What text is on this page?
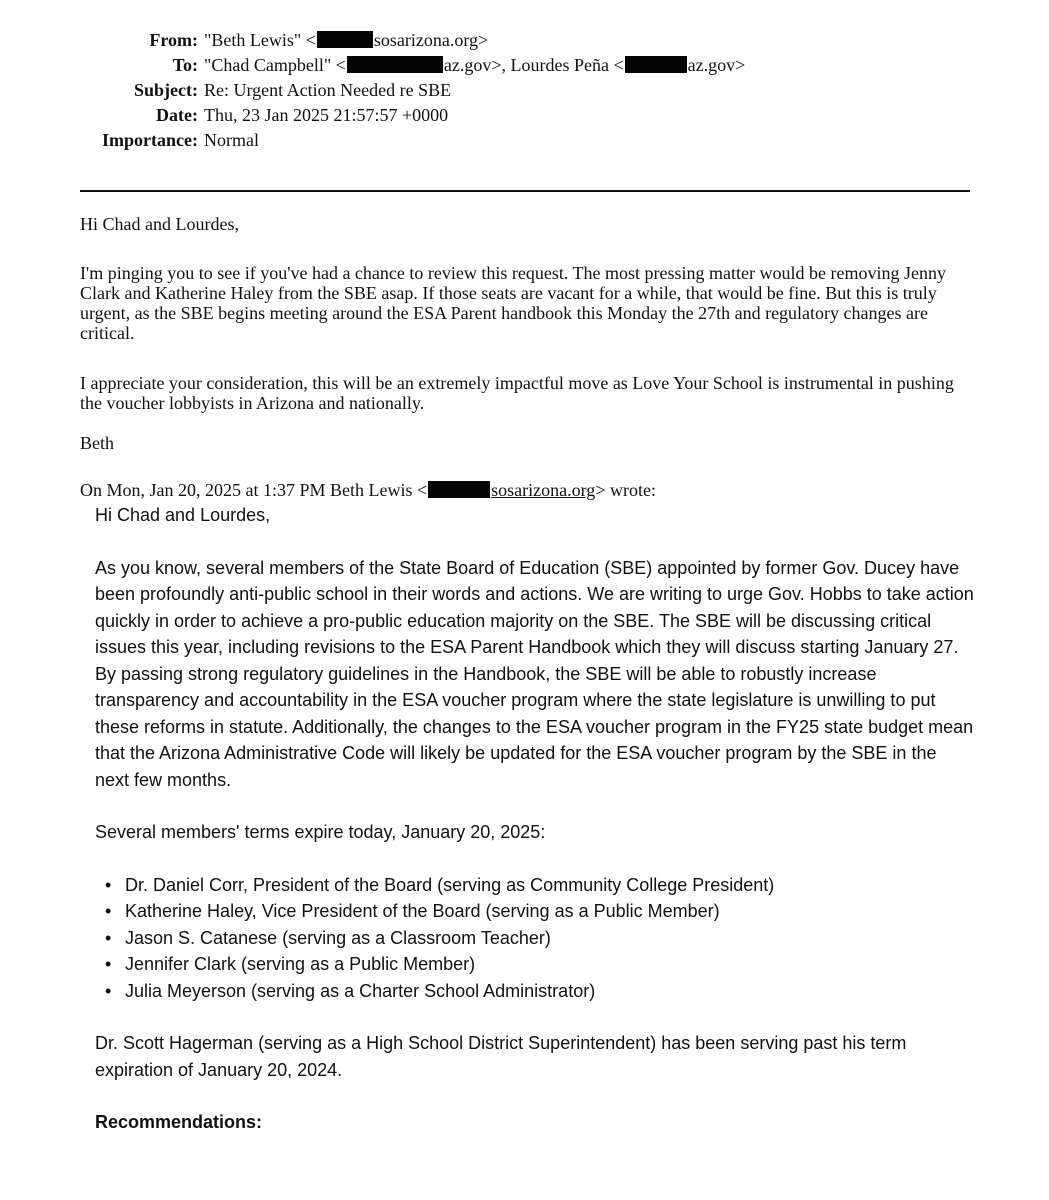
From: "Beth Lewis" <	sosarizona.org>
To: "Chad Campbell" <	az.gov>, Lourdes Peña <	az.gov>
Subject: Re: Urgent Action Needed re SBE
Date: Thu, 23 Jan 2025 21:57:57 +0000
Importance: Normal

Hi Chad and Lourdes,

I'm pinging you to see if you've had a chance to review this request. The most pressing matter would be removing Jenny Clark and Katherine Haley from the SBE asap. If those seats are vacant for a while, that would be fine. But this is truly urgent, as the SBE begins meeting around the ESA Parent handbook this Monday the 27th and regulatory changes are critical.

I appreciate your consideration, this will be an extremely impactful move as Love Your School is instrumental in pushing the voucher lobbyists in Arizona and nationally.

Beth

On Mon, Jan 20, 2025 at 1:37 PM Beth Lewis <	sosarizona.org> wrote:

Hi Chad and Lourdes,

As you know, several members of the State Board of Education (SBE) appointed by former Gov. Ducey have been profoundly anti-public school in their words and actions. We are writing to urge Gov. Hobbs to take action quickly in order to achieve a pro-public education majority on the SBE. The SBE will be discussing critical issues this year, including revisions to the ESA Parent Handbook which they will discuss starting January 27. By passing strong regulatory guidelines in the Handbook, the SBE will be able to robustly increase transparency and accountability in the ESA voucher program where the state legislature is unwilling to put these reforms in statute. Additionally, the changes to the ESA voucher program in the FY25 state budget mean that the Arizona Administrative Code will likely be updated for the ESA voucher program by the SBE in the next few months.

Several members' terms expire today, January 20, 2025:

• Dr. Daniel Corr, President of the Board (serving as Community College President)
• Katherine Haley, Vice President of the Board (serving as a Public Member)
• Jason S. Catanese (serving as a Classroom Teacher)
• Jennifer Clark (serving as a Public Member)
• Julia Meyerson (serving as a Charter School Administrator)

Dr. Scott Hagerman (serving as a High School District Superintendent) has been serving past his term expiration of January 20, 2024.

Recommendations:
